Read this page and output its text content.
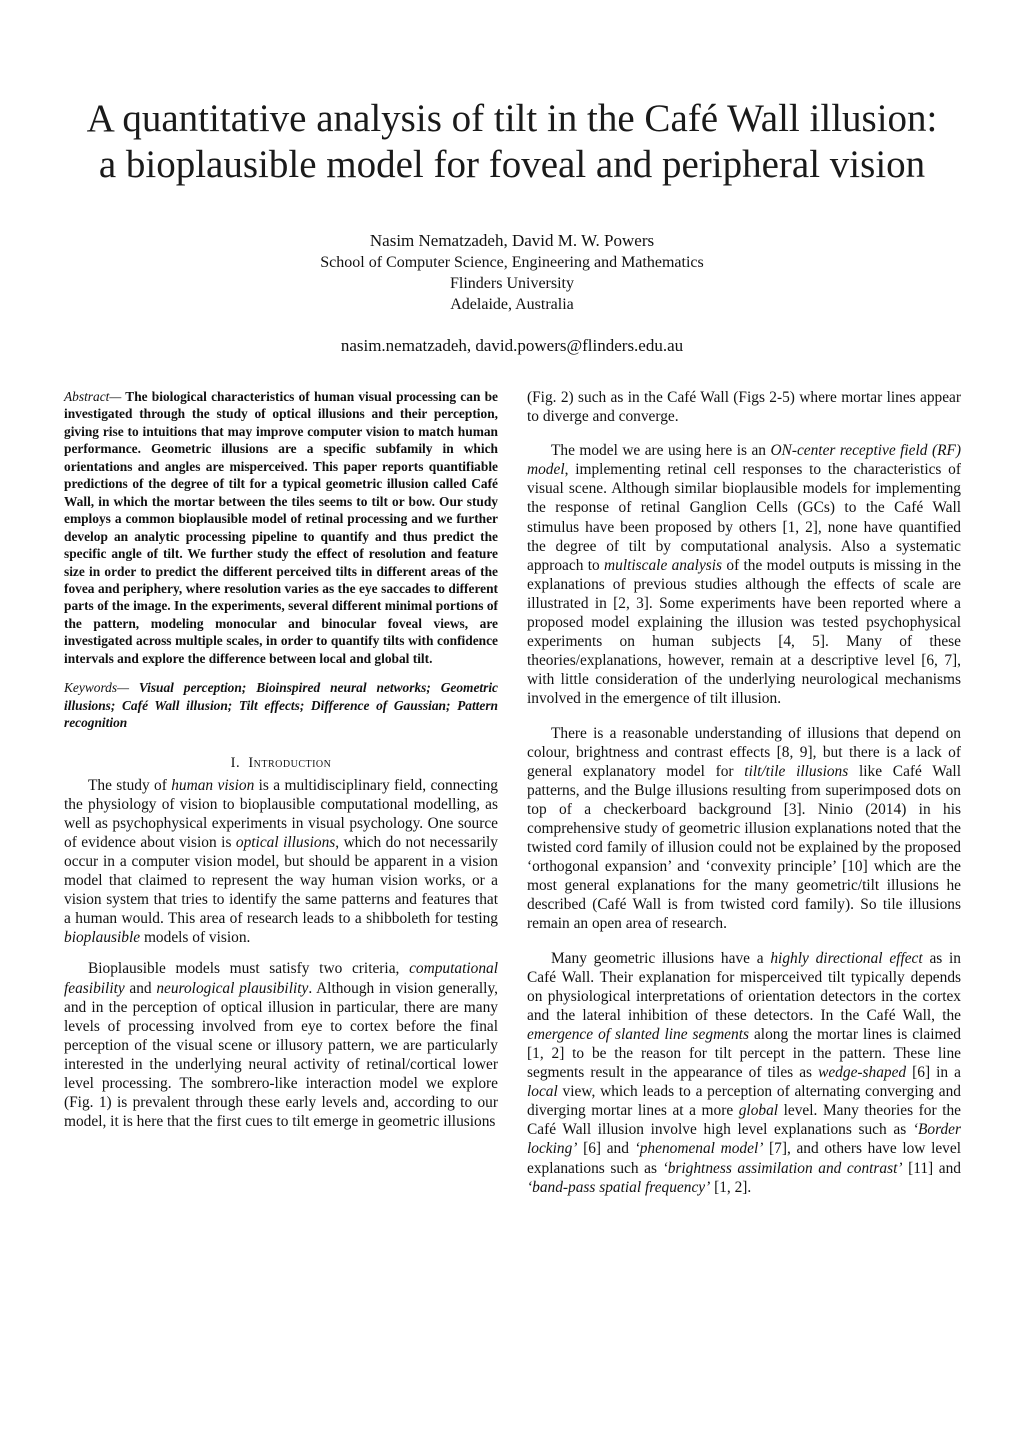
A quantitative analysis of tilt in the Café Wall illusion:
a bioplausible model for foveal and peripheral vision
Nasim Nematzadeh, David M. W. Powers
School of Computer Science, Engineering and Mathematics
Flinders University
Adelaide, Australia
nasim.nematzadeh, david.powers@flinders.edu.au
Abstract— The biological characteristics of human visual processing can be investigated through the study of optical illusions and their perception, giving rise to intuitions that may improve computer vision to match human performance. Geometric illusions are a specific subfamily in which orientations and angles are misperceived. This paper reports quantifiable predictions of the degree of tilt for a typical geometric illusion called Café Wall, in which the mortar between the tiles seems to tilt or bow. Our study employs a common bioplausible model of retinal processing and we further develop an analytic processing pipeline to quantify and thus predict the specific angle of tilt. We further study the effect of resolution and feature size in order to predict the different perceived tilts in different areas of the fovea and periphery, where resolution varies as the eye saccades to different parts of the image. In the experiments, several different minimal portions of the pattern, modeling monocular and binocular foveal views, are investigated across multiple scales, in order to quantify tilts with confidence intervals and explore the difference between local and global tilt.
Keywords— Visual perception; Bioinspired neural networks; Geometric illusions; Café Wall illusion; Tilt effects; Difference of Gaussian; Pattern recognition
I. Introduction

The study of human vision is a multidisciplinary field, connecting the physiology of vision to bioplausible computational modelling, as well as psychophysical experiments in visual psychology. One source of evidence about vision is optical illusions, which do not necessarily occur in a computer vision model, but should be apparent in a vision model that claimed to represent the way human vision works, or a vision system that tries to identify the same patterns and features that a human would. This area of research leads to a shibboleth for testing bioplausible models of vision.

Bioplausible models must satisfy two criteria, computational feasibility and neurological plausibility. Although in vision generally, and in the perception of optical illusion in particular, there are many levels of processing involved from eye to cortex before the final perception of the visual scene or illusory pattern, we are particularly interested in the underlying neural activity of retinal/cortical lower level processing. The sombrero-like interaction model we explore (Fig. 1) is prevalent through these early levels and, according to our model, it is here that the first cues to tilt emerge in geometric illusions

(Fig. 2) such as in the Café Wall (Figs 2-5) where mortar lines appear to diverge and converge.

The model we are using here is an ON-center receptive field (RF) model, implementing retinal cell responses to the characteristics of visual scene. Although similar bioplausible models for implementing the response of retinal Ganglion Cells (GCs) to the Café Wall stimulus have been proposed by others [1, 2], none have quantified the degree of tilt by computational analysis. Also a systematic approach to multiscale analysis of the model outputs is missing in the explanations of previous studies although the effects of scale are illustrated in [2, 3]. Some experiments have been reported where a proposed model explaining the illusion was tested psychophysical experiments on human subjects [4, 5]. Many of these theories/explanations, however, remain at a descriptive level [6, 7], with little consideration of the underlying neurological mechanisms involved in the emergence of tilt illusion.

There is a reasonable understanding of illusions that depend on colour, brightness and contrast effects [8, 9], but there is a lack of general explanatory model for tilt/tile illusions like Café Wall patterns, and the Bulge illusions resulting from superimposed dots on top of a checkerboard background [3]. Ninio (2014) in his comprehensive study of geometric illusion explanations noted that the twisted cord family of illusion could not be explained by the proposed ‘orthogonal expansion’ and ‘convexity principle’ [10] which are the most general explanations for the many geometric/tilt illusions he described (Café Wall is from twisted cord family). So tile illusions remain an open area of research.

Many geometric illusions have a highly directional effect as in Café Wall. Their explanation for misperceived tilt typically depends on physiological interpretations of orientation detectors in the cortex and the lateral inhibition of these detectors. In the Café Wall, the emergence of slanted line segments along the mortar lines is claimed [1, 2] to be the reason for tilt percept in the pattern. These line segments result in the appearance of tiles as wedge-shaped [6] in a local view, which leads to a perception of alternating converging and diverging mortar lines at a more global level. Many theories for the Café Wall illusion involve high level explanations such as ‘Border locking’ [6] and ‘phenomenal model’ [7], and others have low level explanations such as ‘brightness assimilation and contrast’ [11] and ‘band-pass spatial frequency’ [1, 2].
